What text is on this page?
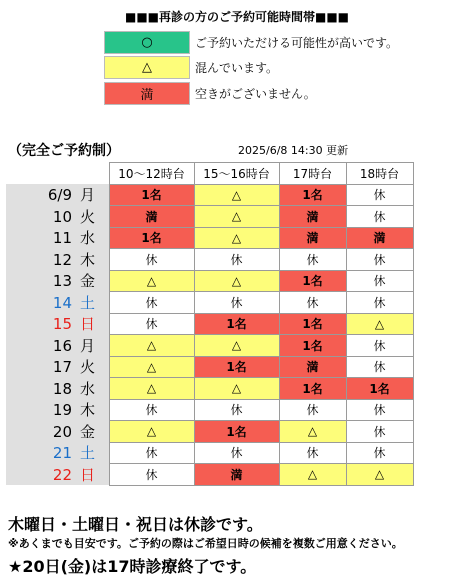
■■■再診の方のご予約可能時間帯■■■
○	ご予約いただける可能性が高いです。
△	混んでいます。
満	空きがございません。
（完全ご予約制）	2025/6/8 14:30 更新
	10～12時台	15～16時台	17時台	18時台
6/9 月	1名	△	1名	休
10 火	満	△	満	休
11 水	1名	△	満	満
12 木	休	休	休	休
13 金	△	△	1名	休
14 土	休	休	休	休
15 日	休	1名	1名	△
16 月	△	△	1名	休
17 火	△	1名	満	休
18 水	△	△	1名	1名
19 木	休	休	休	休
20 金	△	1名	△	休
21 土	休	休	休	休
22 日	休	満	△	△
木曜日・土曜日・祝日は休診です。
※あくまでも目安です。ご予約の際はご希望日時の候補を複数ご用意ください。
★20日(金)は17時診療終了です。
